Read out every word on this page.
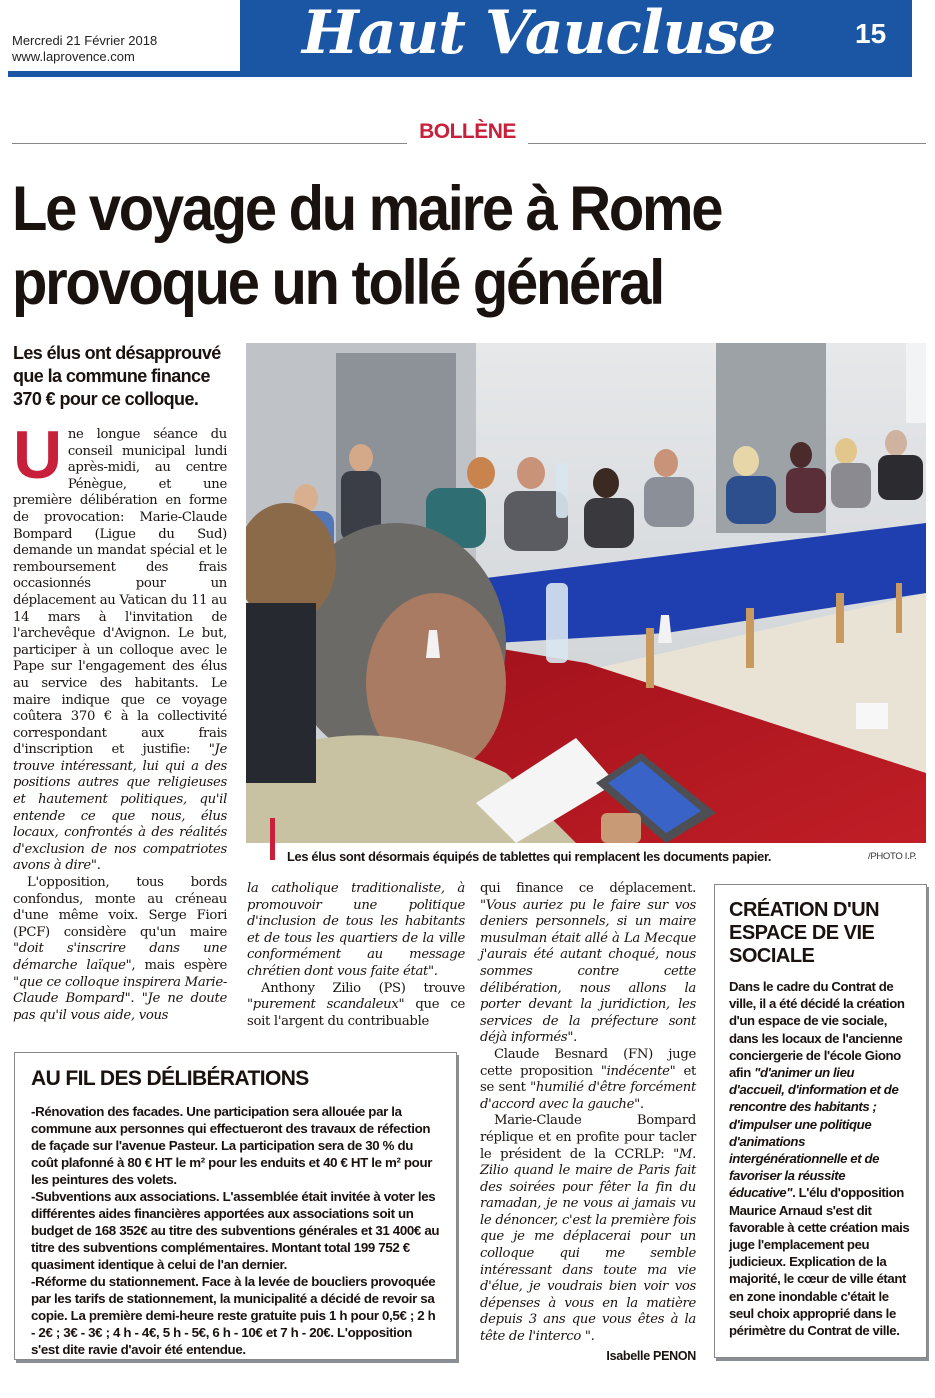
Mercredi 21 Février 2018
www.laprovence.com	Haut Vaucluse	15
BOLLÈNE
Le voyage du maire à Rome
provoque un tollé général
Les élus ont désapprouvé que la commune finance 370 € pour ce colloque.

Une longue séance du conseil municipal lundi après-midi, au centre Pénègue, et une première délibération en forme de provocation: Marie-Claude Bompard (Ligue du Sud) demande un mandat spécial et le remboursement des frais occasionnés pour un déplacement au Vatican du 11 au 14 mars à l'invitation de l'archevêque d'Avignon. Le but, participer à un colloque avec le Pape sur l'engagement des élus au service des habitants. Le maire indique que ce voyage coûtera 370 € à la collectivité correspondant aux frais d'inscription et justifie: "Je trouve intéressant, lui qui a des positions autres que religieuses et hautement politiques, qu'il entende ce que nous, élus locaux, confrontés à des réalités d'exclusion de nos compatriotes avons à dire".

L'opposition, tous bords confondus, monte au créneau d'une même voix. Serge Fiori (PCF) considère qu'un maire "doit s'inscrire dans une démarche laïque", mais espère "que ce colloque inspirera Marie-Claude Bompard". "Je ne doute pas qu'il vous aide, vous

Les élus sont désormais équipés de tablettes qui remplacent les documents papier.	/PHOTO I.P.

la catholique traditionaliste, à promouvoir une politique d'inclusion de tous les habitants et de tous les quartiers de la ville conformément au message chrétien dont vous faite état".

Anthony Zilio (PS) trouve "purement scandaleux" que ce soit l'argent du contribuable

qui finance ce déplacement. "Vous auriez pu le faire sur vos deniers personnels, si un maire musulman était allé à La Mecque j'aurais été autant choqué, nous sommes contre cette délibération, nous allons la porter devant la juridiction, les services de la préfecture sont déjà informés".

Claude Besnard (FN) juge cette proposition "indécente" et se sent "humilié d'être forcément d'accord avec la gauche".

Marie-Claude Bompard réplique et en profite pour tacler le président de la CCRLP: "M. Zilio quand le maire de Paris fait des soirées pour fêter la fin du ramadan, je ne vous ai jamais vu le dénoncer, c'est la première fois que je me déplacerai pour un colloque qui me semble intéressant dans toute ma vie d'élue, je voudrais bien voir vos dépenses à vous en la matière depuis 3 ans que vous êtes à la tête de l'interco ".

Isabelle PENON
AU FIL DES DÉLIBÉRATIONS
-Rénovation des facades. Une participation sera allouée par la commune aux personnes qui effectueront des travaux de réfection de façade sur l'avenue Pasteur. La participation sera de 30 % du coût plafonné à 80 € HT le m² pour les enduits et 40 € HT le m² pour les peintures des volets.
-Subventions aux associations. L'assemblée était invitée à voter les différentes aides financières apportées aux associations soit un budget de 168 352€ au titre des subventions générales et 31 400€ au titre des subventions complémentaires. Montant total 199 752 € quasiment identique à celui de l'an dernier.
-Réforme du stationnement. Face à la levée de boucliers provoquée par les tarifs de stationnement, la municipalité a décidé de revoir sa copie. La première demi-heure reste gratuite puis 1 h pour 0,5€ ; 2 h - 2€ ; 3€ - 3€ ; 4 h - 4€, 5 h - 5€, 6 h - 10€ et 7 h - 20€. L'opposition s'est dite ravie d'avoir été entendue.
CRÉATION D'UN ESPACE DE VIE SOCIALE

Dans le cadre du Contrat de ville, il a été décidé la création d'un espace de vie sociale, dans les locaux de l'ancienne conciergerie de l'école Giono afin "d'animer un lieu d'accueil, d'information et de rencontre des habitants ; d'impulser une politique d'animations intergénérationnelle et de favoriser la réussite éducative". L'élu d'opposition Maurice Arnaud s'est dit favorable à cette création mais juge l'emplacement peu judicieux. Explication de la majorité, le cœur de ville étant en zone inondable c'était le seul choix approprié dans le périmètre du Contrat de ville.
